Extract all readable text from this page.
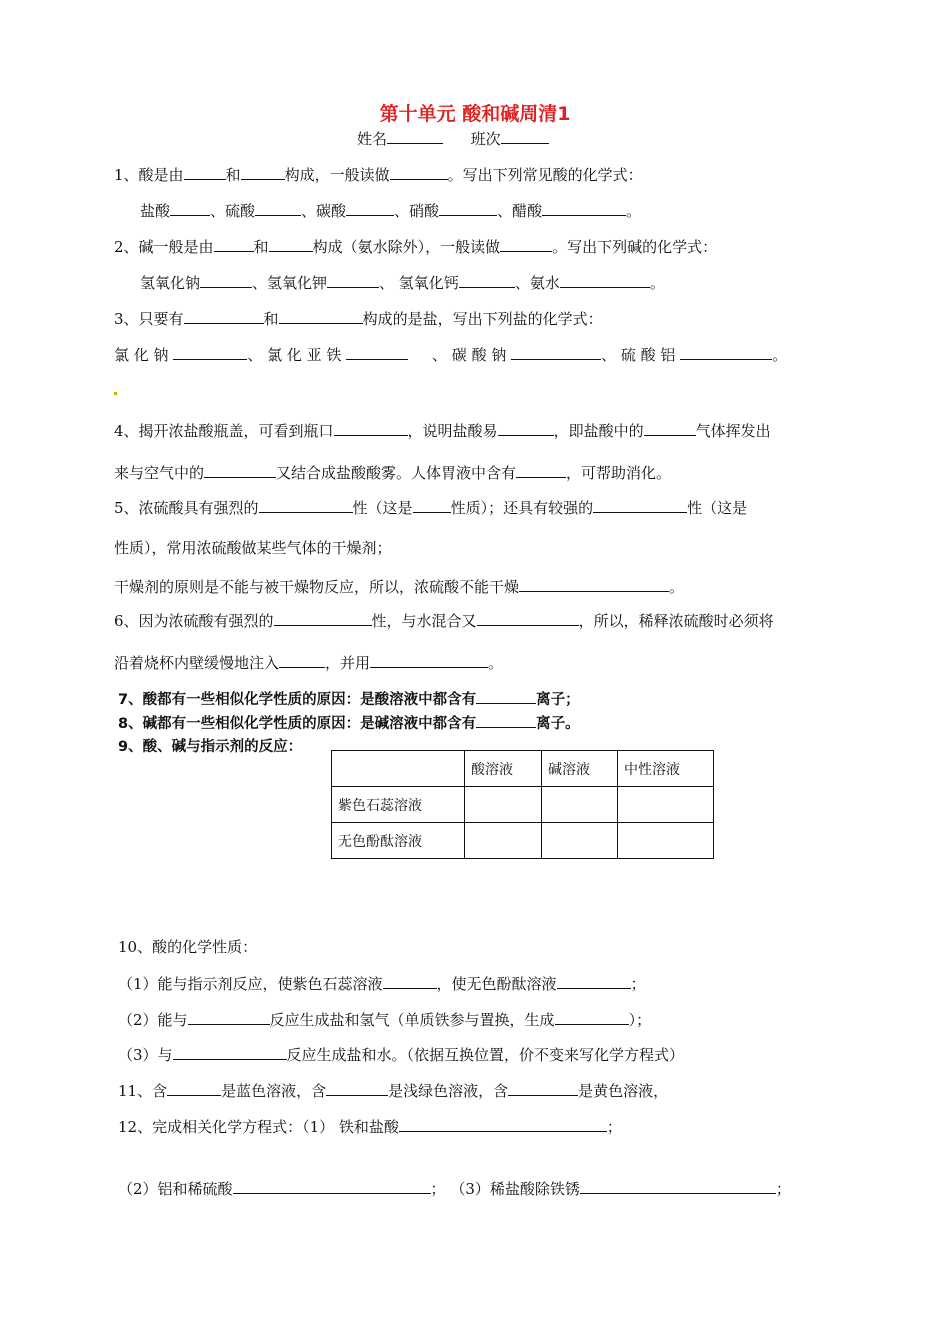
第十单元 酸和碱周清1
姓名	班次
1、酸是由	和	构成，一般读做	。写出下列常见酸的化学式：
盐酸	、硫酸	、碳酸	、硝酸	、醋酸	。
2、碱一般是由	和	构成（氨水除外），一般读做	。写出下列碱的化学式：
氢氧化钠	、氢氧化钾	、 氢氧化钙	、氨水	。
3、只要有	和	构成的是盐，写出下列盐的化学式：
氯 化 钠	、 氯 化 亚 铁	、 碳 酸 钠	、 硫 酸 铝	。
4、揭开浓盐酸瓶盖，可看到瓶口	，说明盐酸易	，即盐酸中的	气体挥发出
来与空气中的	又结合成盐酸酸雾。人体胃液中含有	，可帮助消化。
5、浓硫酸具有强烈的	性（这是	性质）；还具有较强的	性（这是
性质），常用浓硫酸做某些气体的干燥剂；
干燥剂的原则是不能与被干燥物反应，所以，浓硫酸不能干燥	。
6、因为浓硫酸有强烈的	性，与水混合又	，所以，稀释浓硫酸时必须将
沿着烧杯内壁缓慢地注入	，并用	。
7、酸都有一些相似化学性质的原因：是酸溶液中都含有	离子；
8、碱都有一些相似化学性质的原因：是碱溶液中都含有	离子。
9、酸、碱与指示剂的反应：
	酸溶液	碱溶液	中性溶液
紫色石蕊溶液			
无色酚酞溶液			
10、酸的化学性质：
（1）能与指示剂反应，使紫色石蕊溶液	，使无色酚酞溶液	；
（2）能与	反应生成盐和氢气（单质铁参与置换，生成	）；
（3）与	反应生成盐和水。（依据互换位置，价不变来写化学方程式）
11、含	是蓝色溶液，含	是浅绿色溶液，含	是黄色溶液，
12、完成相关化学方程式：（1） 铁和盐酸	；
（2）铝和稀硫酸	； （3）稀盐酸除铁锈	；
